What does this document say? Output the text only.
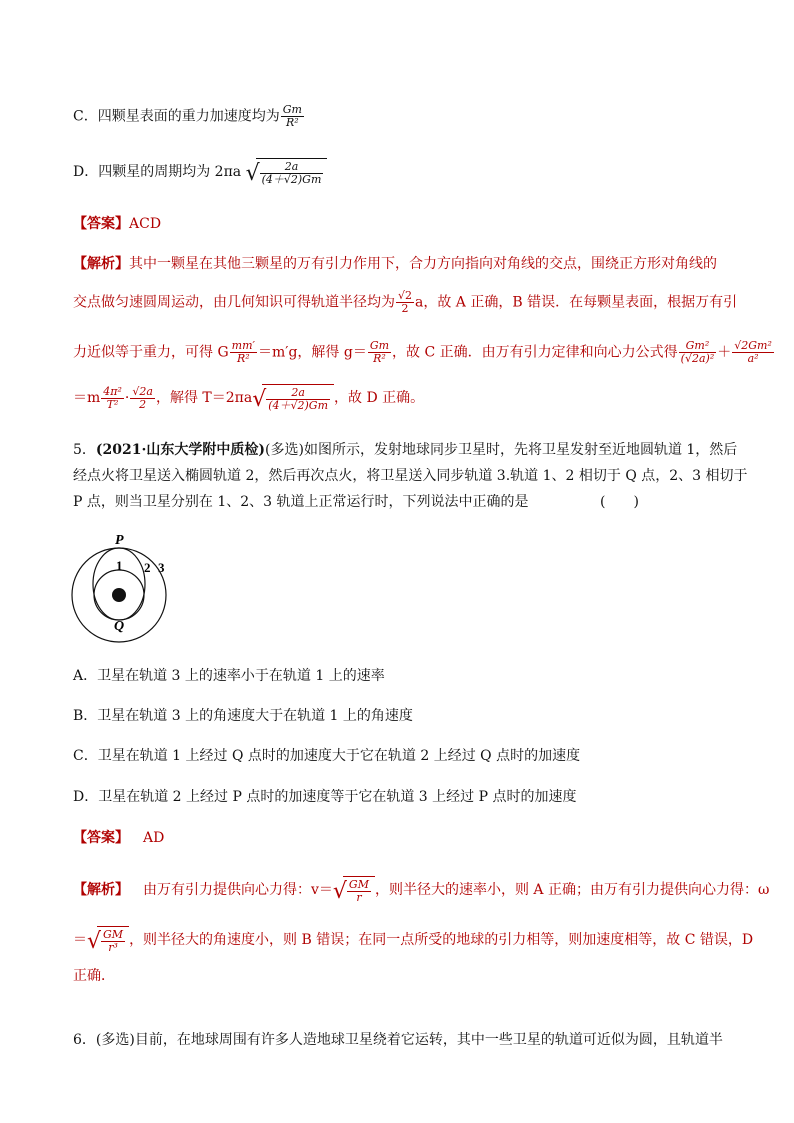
C．四颗星表面的重力加速度均为 $\frac{Gm}{\text{R²}}$
D．四颗星的周期均为 2πa √ $\frac{2a}{(4+√2)Gm}$
【答案】ACD
【解析】其中一颗星在其他三颗星的万有引力作用下，合力方向指向对角线的交点，围绕正方形对角线的
交点做匀速圆周运动，由几何知识可得轨道半径均为 $\frac{√2}{2}$ a，故 A 正确，B 错误．在每颗星表面，根据万有引
力近似等于重力，可得 G $\frac{mm'}{\text{R²}} =m'g$，解得 $g= \frac{Gm}{\text{R²}}$ ，故 C 正确．由万有引力定律和向心力公式得 $\frac{\text{Gm²}}{\text{(√2a)²}} + \frac{\text{√2Gm²}}{\text{a²}}$
$=m \frac{\text{4π²}}{\text{T²}} \cdot \frac{√2a}{2}$ ，解得 T＝2πa √ $\frac{2a}{(4+√2)Gm}$ ，故 D 正确。
5．(2021·山东大学附中质检)(多选)如图所示，发射地球同步卫星时，先将卫星发射至近地圆轨道 1，然后
经点火将卫星送入椭圆轨道 2，然后再次点火，将卫星送入同步轨道 3.轨道 1、2 相切于 Q 点，2、3 相切于
P 点，则当卫星分别在 1、2、3 轨道上正常运行时，下列说法中正确的是	(　　)
P
Q
1 2 3
A．卫星在轨道 3 上的速率小于在轨道 1 上的速率
B．卫星在轨道 3 上的角速度大于在轨道 1 上的角速度
C．卫星在轨道 1 上经过 Q 点时的加速度大于它在轨道 2 上经过 Q 点时的加速度
D．卫星在轨道 2 上经过 P 点时的加速度等于它在轨道 3 上经过 P 点时的加速度
【答案】 AD
【解析】 由万有引力提供向心力得：v＝ √ $\frac{GM}{r}$ ，则半径大的速率小，则 A 正确；由万有引力提供向心力得：ω
＝ √ $\frac{GM}{\text{r³}}$ ，则半径大的角速度小，则 B 错误；在同一点所受的地球的引力相等，则加速度相等，故 C 错误，D
正确．
6．(多选)目前，在地球周围有许多人造地球卫星绕着它运转，其中一些卫星的轨道可近似为圆，且轨道半
